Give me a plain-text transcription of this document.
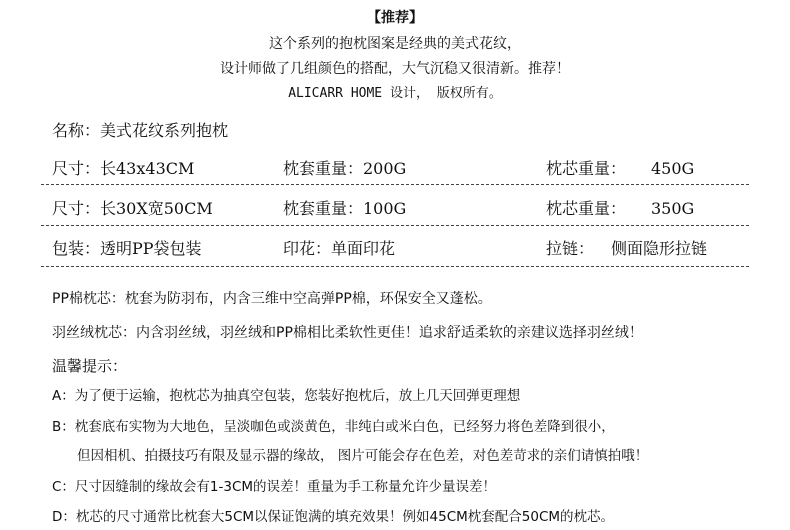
【推荐】
这个系列的抱枕图案是经典的美式花纹，
设计师做了几组颜色的搭配，大气沉稳又很清新。推荐！
ALICARR HOME 设计， 版权所有。
名称：美式花纹系列抱枕
尺寸：长43x43CM	枕套重量：200G	枕芯重量： 450G
尺寸：长30X宽50CM	枕套重量：100G	枕芯重量： 350G
包装：透明PP袋包装	印花：单面印花	拉链： 侧面隐形拉链
PP棉枕芯：枕套为防羽布，内含三维中空高弹PP棉，环保安全又蓬松。
羽丝绒枕芯：内含羽丝绒，羽丝绒和PP棉相比柔软性更佳！追求舒适柔软的亲建议选择羽丝绒！
温馨提示：
A：为了便于运输，抱枕芯为抽真空包装，您装好抱枕后，放上几天回弹更理想
B：枕套底布实物为大地色，呈淡咖色或淡黄色，非纯白或米白色，已经努力将色差降到很小，
但因相机、拍摄技巧有限及显示器的缘故， 图片可能会存在色差，对色差苛求的亲们请慎拍哦！
C：尺寸因缝制的缘故会有1-3CM的误差！重量为手工称量允许少量误差！
D：枕芯的尺寸通常比枕套大5CM以保证饱满的填充效果！例如45CM枕套配合50CM的枕芯。
